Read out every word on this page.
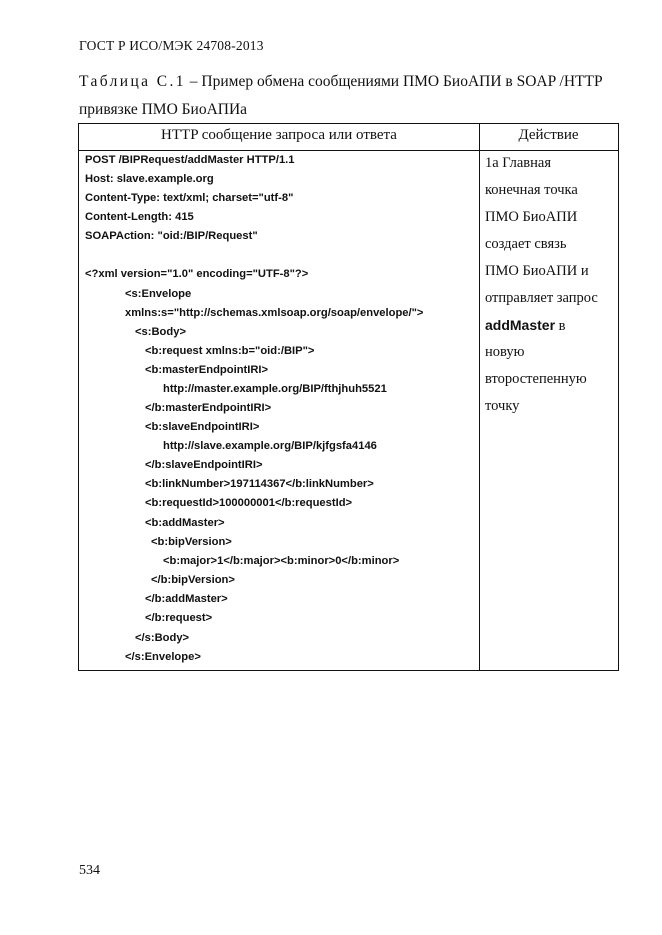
ГОСТ Р ИСО/МЭК 24708-2013
Таблица С.1 – Пример обмена сообщениями ПМО БиоАПИ в SOAP /HTTP
привязке ПМО БиоАПИа
HTTP сообщение запроса или ответа	Действие
POST /BIPRequest/addMaster HTTP/1.1
Host: slave.example.org
Content-Type: text/xml; charset="utf-8"
Content-Length: 415
SOAPAction: "oid:/BIP/Request"
<?xml version="1.0" encoding="UTF-8"?>
<s:Envelope
xmlns:s="http://schemas.xmlsoap.org/soap/envelope/">
<s:Body>
<b:request xmlns:b="oid:/BIP">
<b:masterEndpointIRI>
http://master.example.org/BIP/fthjhuh5521
</b:masterEndpointIRI>
<b:slaveEndpointIRI>
http://slave.example.org/BIP/kjfgsfa4146
</b:slaveEndpointIRI>
<b:linkNumber>197114367</b:linkNumber>
<b:requestId>100000001</b:requestId>
<b:addMaster>
<b:bipVersion>
<b:major>1</b:major><b:minor>0</b:minor>
</b:bipVersion>
</b:addMaster>
</b:request>
</s:Body>
</s:Envelope>
1а Главная
конечная точка
ПМО БиоАПИ
создает связь
ПМО БиоАПИ и
отправляет запрос
addMaster в
новую
второстепенную
точку
534
